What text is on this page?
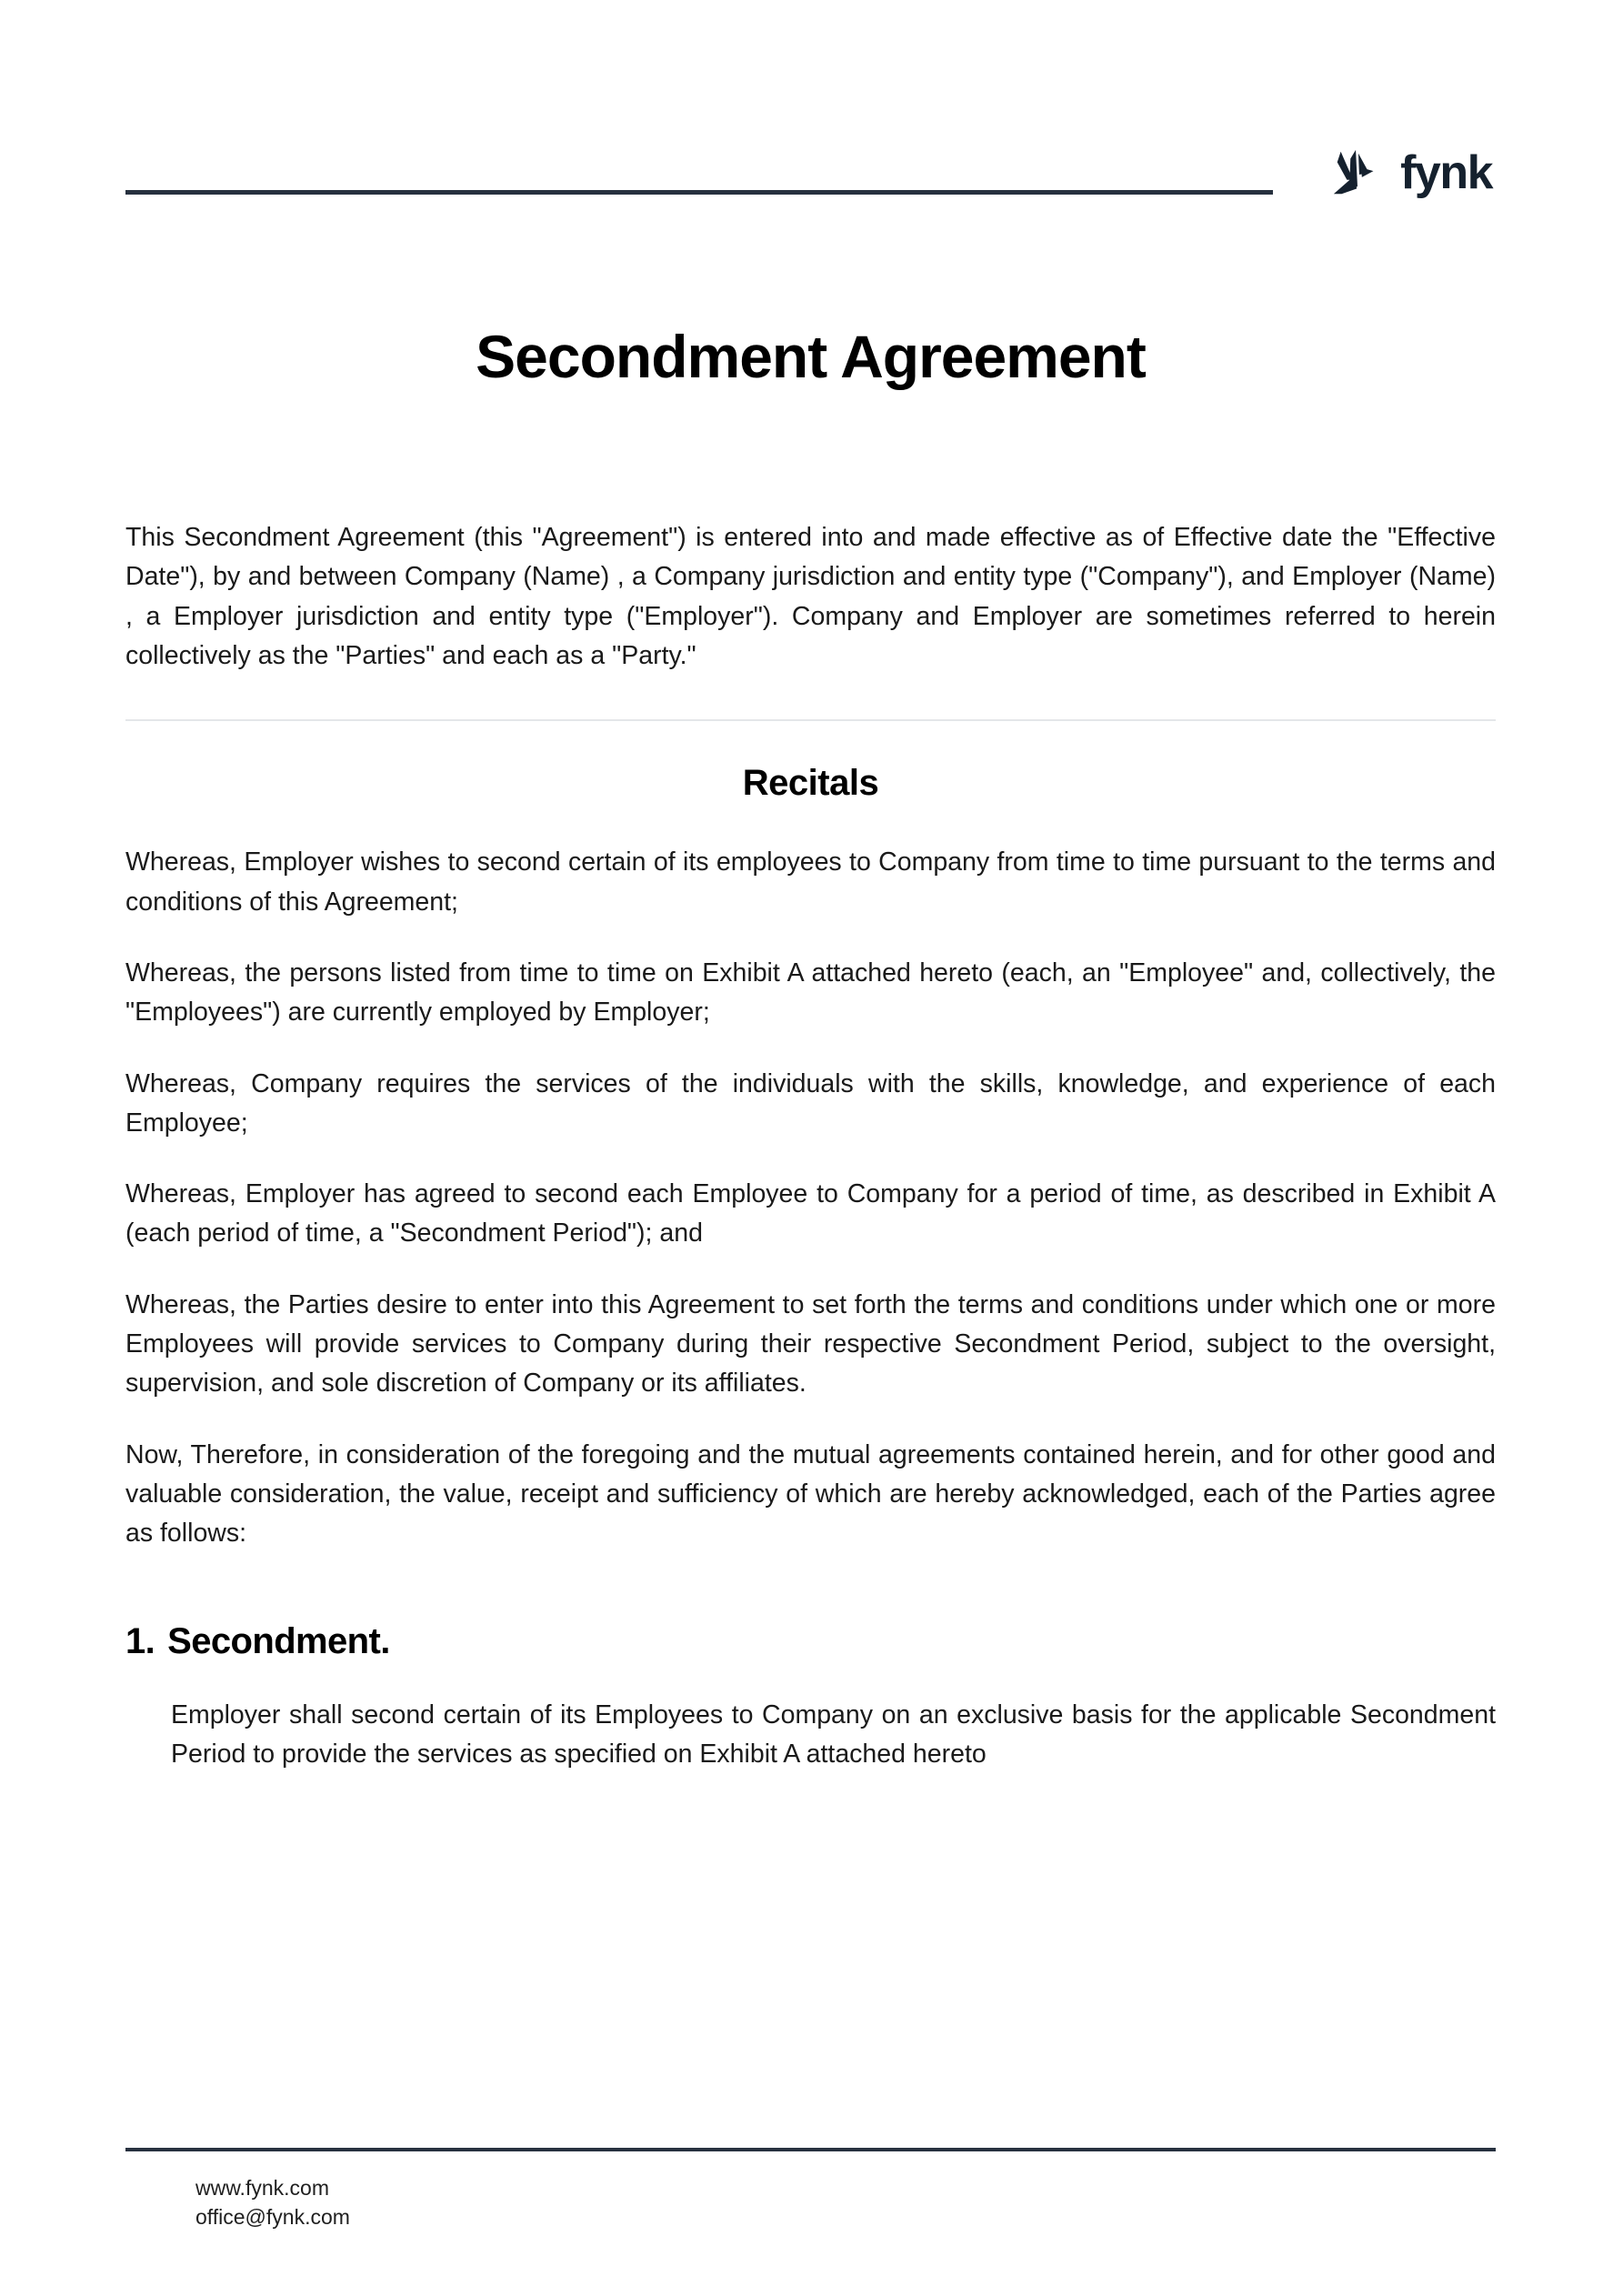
fynk
Secondment Agreement

This Secondment Agreement (this "Agreement") is entered into and made effective as of Effective date the "Effective Date"), by and between Company (Name) , a Company jurisdiction and entity type ("Company"), and Employer (Name) , a Employer jurisdiction and entity type ("Employer"). Company and Employer are sometimes referred to herein collectively as the "Parties" and each as a "Party."

Recitals

Whereas, Employer wishes to second certain of its employees to Company from time to time pursuant to the terms and conditions of this Agreement;

Whereas, the persons listed from time to time on Exhibit A attached hereto (each, an "Employee" and, collectively, the "Employees") are currently employed by Employer;

Whereas, Company requires the services of the individuals with the skills, knowledge, and experience of each Employee;

Whereas, Employer has agreed to second each Employee to Company for a period of time, as described in Exhibit A (each period of time, a "Secondment Period"); and

Whereas, the Parties desire to enter into this Agreement to set forth the terms and conditions under which one or more Employees will provide services to Company during their respective Secondment Period, subject to the oversight, supervision, and sole discretion of Company or its affiliates.

Now, Therefore, in consideration of the foregoing and the mutual agreements contained herein, and for other good and valuable consideration, the value, receipt and sufficiency of which are hereby acknowledged, each of the Parties agree as follows:

1. Secondment.

Employer shall second certain of its Employees to Company on an exclusive basis for the applicable Secondment Period to provide the services as specified on Exhibit A attached hereto

www.fynk.com
office@fynk.com
